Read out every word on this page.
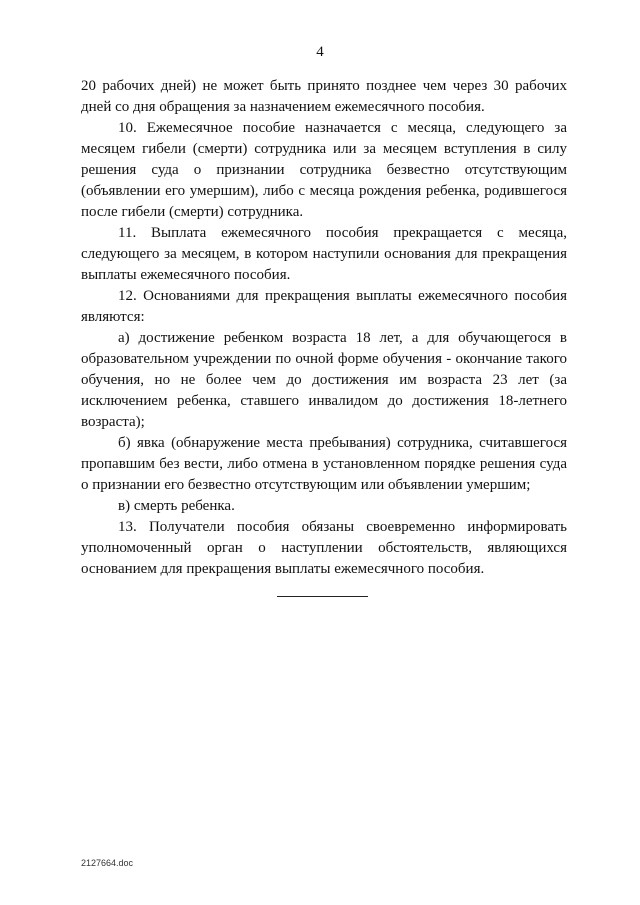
4

20 рабочих дней) не может быть принято позднее чем через 30 рабочих дней со дня обращения за назначением ежемесячного пособия.

10. Ежемесячное пособие назначается с месяца, следующего за месяцем гибели (смерти) сотрудника или за месяцем вступления в силу решения суда о признании сотрудника безвестно отсутствующим (объявлении его умершим), либо с месяца рождения ребенка, родившегося после гибели (смерти) сотрудника.

11. Выплата ежемесячного пособия прекращается с месяца, следующего за месяцем, в котором наступили основания для прекращения выплаты ежемесячного пособия.

12. Основаниями для прекращения выплаты ежемесячного пособия являются:

а) достижение ребенком возраста 18 лет, а для обучающегося в образовательном учреждении по очной форме обучения - окончание такого обучения, но не более чем до достижения им возраста 23 лет (за исключением ребенка, ставшего инвалидом до достижения 18-летнего возраста);

б) явка (обнаружение места пребывания) сотрудника, считавшегося пропавшим без вести, либо отмена в установленном порядке решения суда о признании его безвестно отсутствующим или объявлении умершим;

в) смерть ребенка.

13. Получатели пособия обязаны своевременно информировать уполномоченный орган о наступлении обстоятельств, являющихся основанием для прекращения выплаты ежемесячного пособия.

2127664.doc
